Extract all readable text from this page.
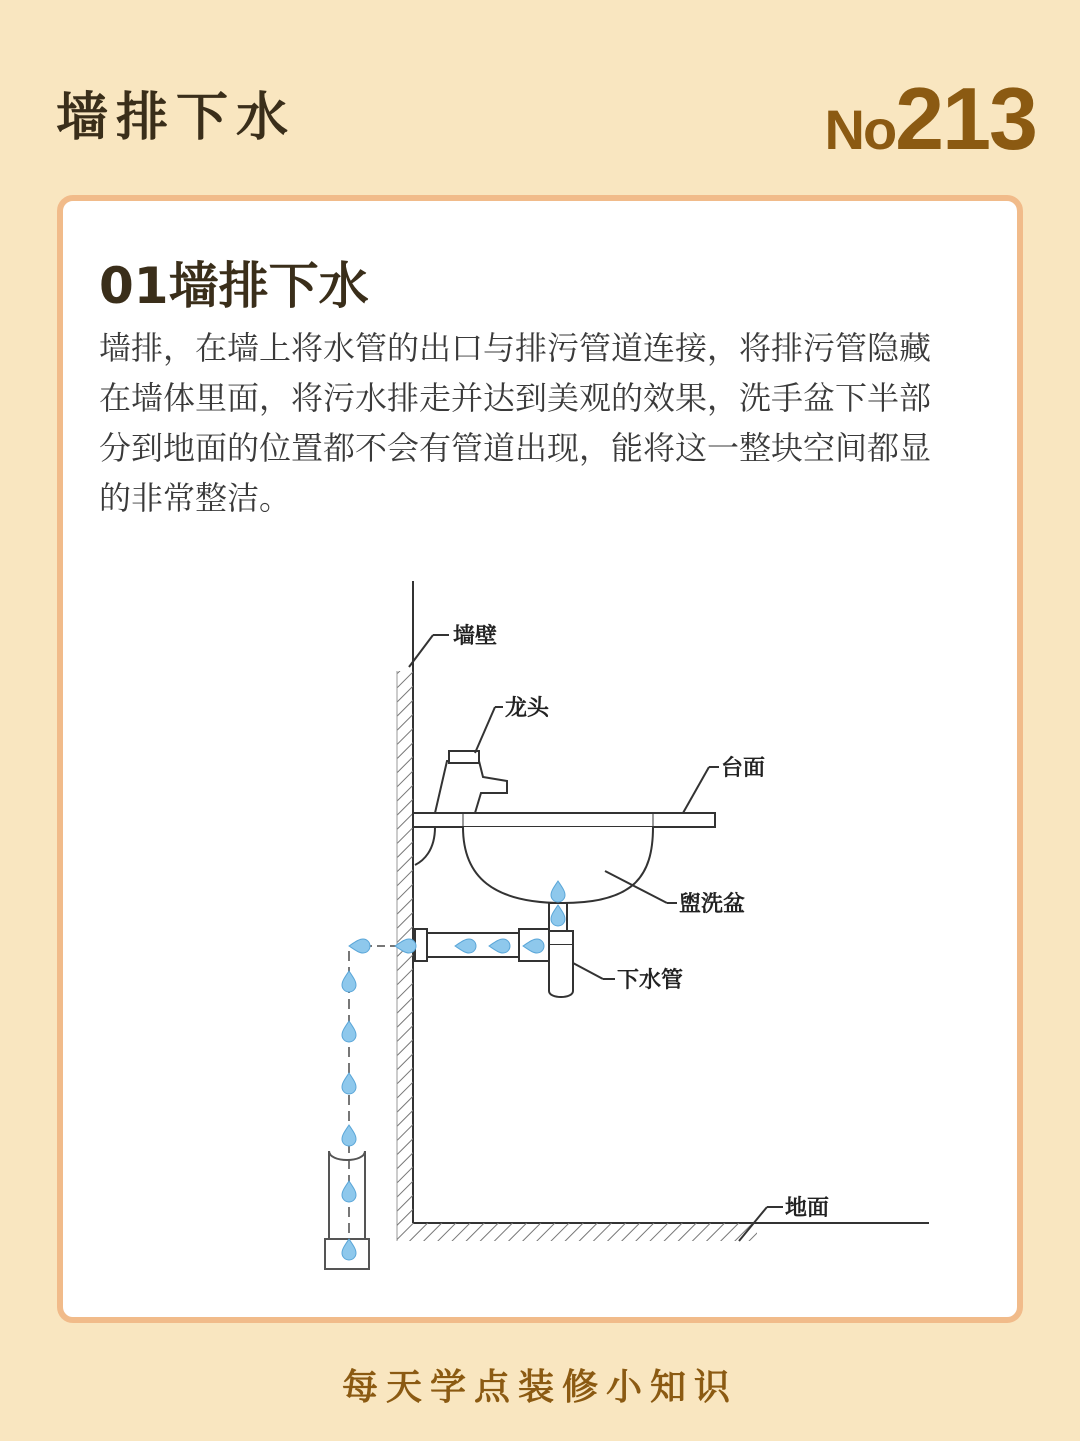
墙排下水	No 213
01墙排下水

墙排，在墙上将水管的出口与排污管道连接，将排污管隐藏在墙体里面，将污水排走并达到美观的效果，洗手盆下半部分到地面的位置都不会有管道出现，能将这一整块空间都显的非常整洁。

墙壁
龙头
台面
盥洗盆
下水管
地面
每天学点装修小知识
